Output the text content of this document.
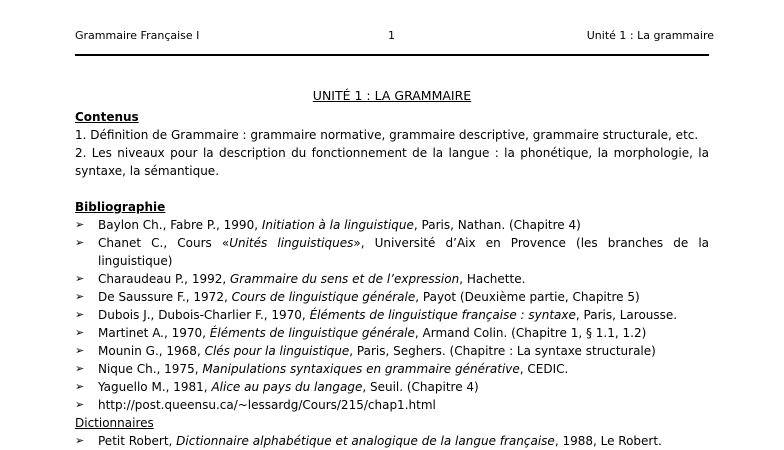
Grammaire Française I	1	Unité 1 : La grammaire
UNITÉ 1 : LA GRAMMAIRE
Contenus
1. Définition de Grammaire : grammaire normative, grammaire descriptive, grammaire structurale, etc.
2. Les niveaux pour la description du fonctionnement de la langue : la phonétique, la morphologie, la syntaxe, la sémantique.
Bibliographie
➢ Baylon Ch., Fabre P., 1990, Initiation à la linguistique, Paris, Nathan. (Chapitre 4)
➢ Chanet C., Cours «Unités linguistiques», Université d’Aix en Provence (les branches de la linguistique)
➢ Charaudeau P., 1992, Grammaire du sens et de l’expression, Hachette.
➢ De Saussure F., 1972, Cours de linguistique générale, Payot (Deuxième partie, Chapitre 5)
➢ Dubois J., Dubois-Charlier F., 1970, Éléments de linguistique française : syntaxe, Paris, Larousse.
➢ Martinet A., 1970, Éléments de linguistique générale, Armand Colin. (Chapitre 1, § 1.1, 1.2)
➢ Mounin G., 1968, Clés pour la linguistique, Paris, Seghers. (Chapitre : La syntaxe structurale)
➢ Nique Ch., 1975, Manipulations syntaxiques en grammaire générative, CEDIC.
➢ Yaguello M., 1981, Alice au pays du langage, Seuil. (Chapitre 4)
➢ http://post.queensu.ca/~lessardg/Cours/215/chap1.html
Dictionnaires
➢ Petit Robert, Dictionnaire alphabétique et analogique de la langue française, 1988, Le Robert.
